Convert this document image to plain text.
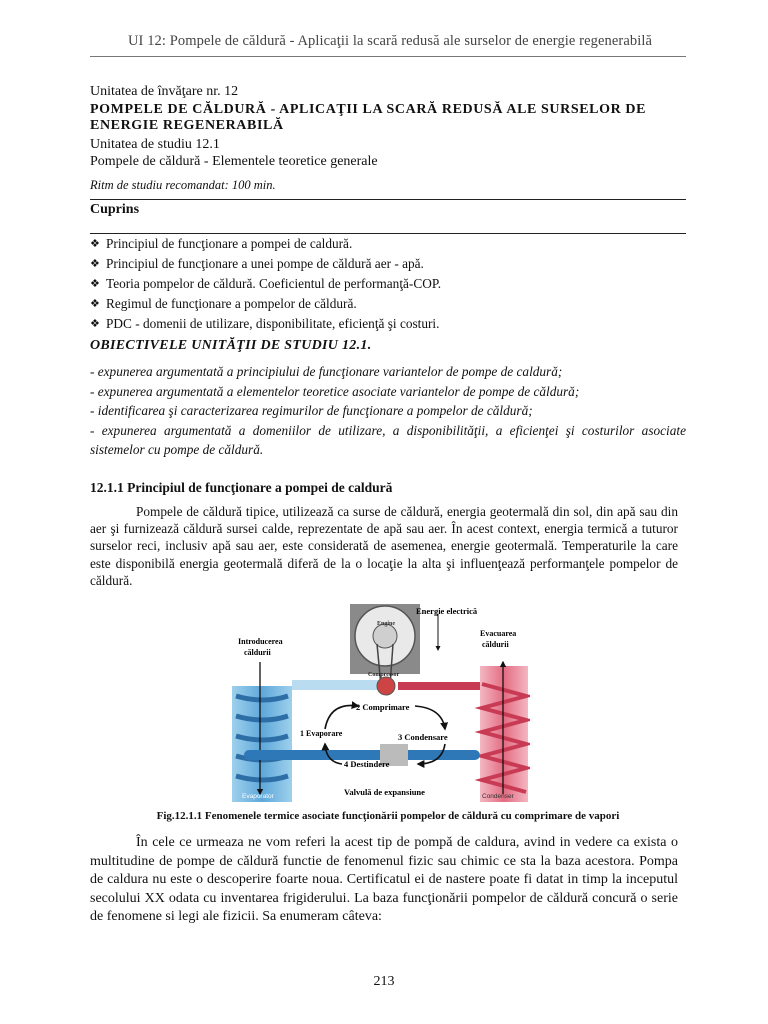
UI 12: Pompele de căldură - Aplicaţii la scară redusă ale surselor de energie regenerabilă
Unitatea de învăţare nr. 12
POMPELE DE CĂLDURĂ - APLICAŢII LA SCARĂ REDUSĂ ALE SURSELOR DE ENERGIE REGENERABILĂ
Unitatea de studiu 12.1
Pompele de căldură - Elementele teoretice generale
Ritm de studiu recomandat: 100 min.
Cuprins
❖ Principiul de funcţionare a pompei de caldură.
❖ Principiul de funcţionare a unei pompe de căldură aer - apă.
❖ Teoria pompelor de căldură. Coeficientul de performanţă-COP.
❖ Regimul de funcţionare a pompelor de căldură.
❖ PDC - domenii de utilizare, disponibilitate, eficienţă şi costuri.
OBIECTIVELE UNITĂŢII DE STUDIU 12.1.
- expunerea argumentată a principiului de funcţionare variantelor de pompe de caldură;
- expunerea argumentată a elementelor teoretice asociate variantelor de pompe de căldură;
- identificarea şi caracterizarea regimurilor de funcţionare a pompelor de căldură;
- expunerea argumentată a domeniilor de utilizare, a disponibilităţii, a eficienţei şi costurilor asociate sistemelor cu pompe de căldură.
12.1.1 Principiul de funcţionare a pompei de caldură
Pompele de căldură tipice, utilizează ca surse de căldură, energia geotermală din sol, din apă sau din aer şi furnizează căldură sursei calde, reprezentate de apă sau aer. În acest context, energia termică a tuturor surselor reci, inclusiv apă sau aer, este considerată de asemenea, energie geotermală. Temperaturile la care este disponibilă energia geotermală diferă de la o locaţie la alta şi influenţează performanţele pompelor de căldură.
Engine
Compressor
Energie electrică
Introducerea
căldurii
Evacuarea
căldurii
2 Comprimare
1 Evaporare	3 Condensare
4 Destindere
Valvulă de expansiune
Evaporator	Condenser
Fig.12.1.1 Fenomenele termice asociate funcţionării pompelor de căldură cu comprimare de vapori
În cele ce urmeaza ne vom referi la acest tip de pompă de caldura, avind in vedere ca exista o multitudine de pompe de căldură functie de fenomenul fizic sau chimic ce sta la baza acestora. Pompa de caldura nu este o descoperire foarte noua. Certificatul ei de nastere poate fi datat in timp la inceputul secolului XX odata cu inventarea frigiderului. La baza funcţionării pompelor de căldură concură o serie de fenomene si legi ale fizicii. Sa enumeram câteva:
213
